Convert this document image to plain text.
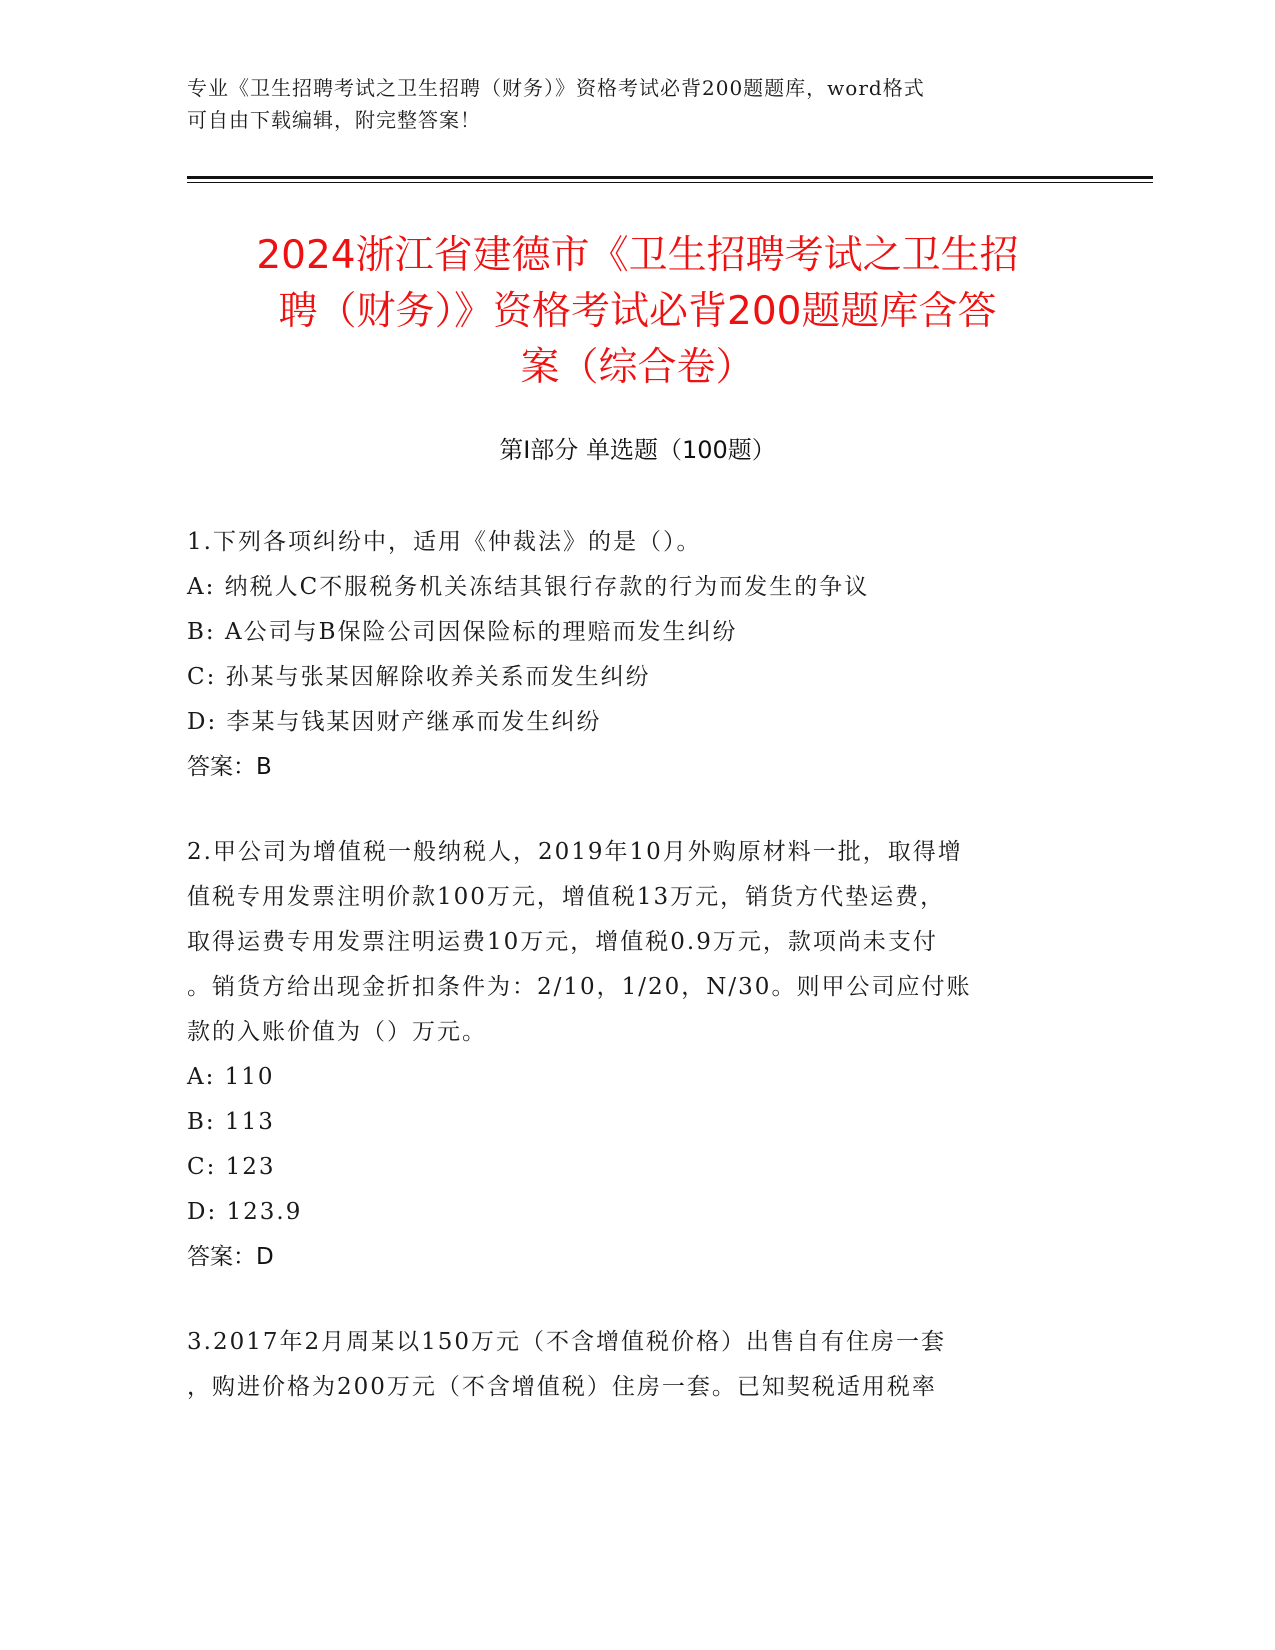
专业《卫生招聘考试之卫生招聘（财务）》资格考试必背200题题库，word格式
可自由下载编辑，附完整答案！
2024浙江省建德市《卫生招聘考试之卫生招
聘（财务）》资格考试必背200题题库含答
案（综合卷）
第Ⅰ部分 单选题（100题）
1.下列各项纠纷中，适用《仲裁法》的是（）。
A: 纳税人C不服税务机关冻结其银行存款的行为而发生的争议
B: A公司与B保险公司因保险标的理赔而发生纠纷
C: 孙某与张某因解除收养关系而发生纠纷
D: 李某与钱某因财产继承而发生纠纷
答案：B
2.甲公司为增值税一般纳税人，2019年10月外购原材料一批，取得增
值税专用发票注明价款100万元，增值税13万元，销货方代垫运费，
取得运费专用发票注明运费10万元，增值税0.9万元，款项尚未支付
。销货方给出现金折扣条件为：2/10，1/20，N/30。则甲公司应付账
款的入账价值为（）万元。
A: 110
B: 113
C: 123
D: 123.9
答案：D
3.2017年2月周某以150万元（不含增值税价格）出售自有住房一套
，购进价格为200万元（不含增值税）住房一套。已知契税适用税率
